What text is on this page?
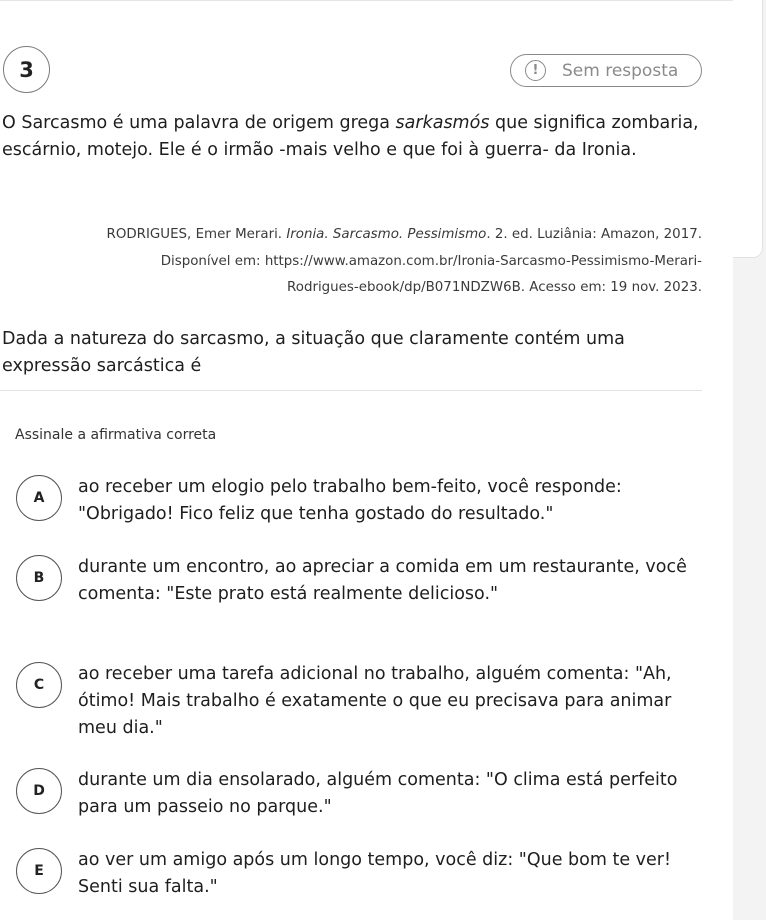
3	!	Sem resposta

O Sarcasmo é uma palavra de origem grega sarkasmós que significa zombaria, escárnio, motejo. Ele é o irmão -mais velho e que foi à guerra- da Ironia.

RODRIGUES, Emer Merari. Ironia. Sarcasmo. Pessimismo. 2. ed. Luziânia: Amazon, 2017.
Disponível em: https://www.amazon.com.br/Ironia-Sarcasmo-Pessimismo-Merari-
Rodrigues-ebook/dp/B071NDZW6B. Acesso em: 19 nov. 2023.

Dada a natureza do sarcasmo, a situação que claramente contém uma expressão sarcástica é

Assinale a afirmativa correta
A
ao receber um elogio pelo trabalho bem-feito, você responde: "Obrigado! Fico feliz que tenha gostado do resultado."
B
durante um encontro, ao apreciar a comida em um restaurante, você comenta: "Este prato está realmente delicioso."
C
ao receber uma tarefa adicional no trabalho, alguém comenta: "Ah, ótimo! Mais trabalho é exatamente o que eu precisava para animar meu dia."
D
durante um dia ensolarado, alguém comenta: "O clima está perfeito para um passeio no parque."
E
ao ver um amigo após um longo tempo, você diz: "Que bom te ver! Senti sua falta."
